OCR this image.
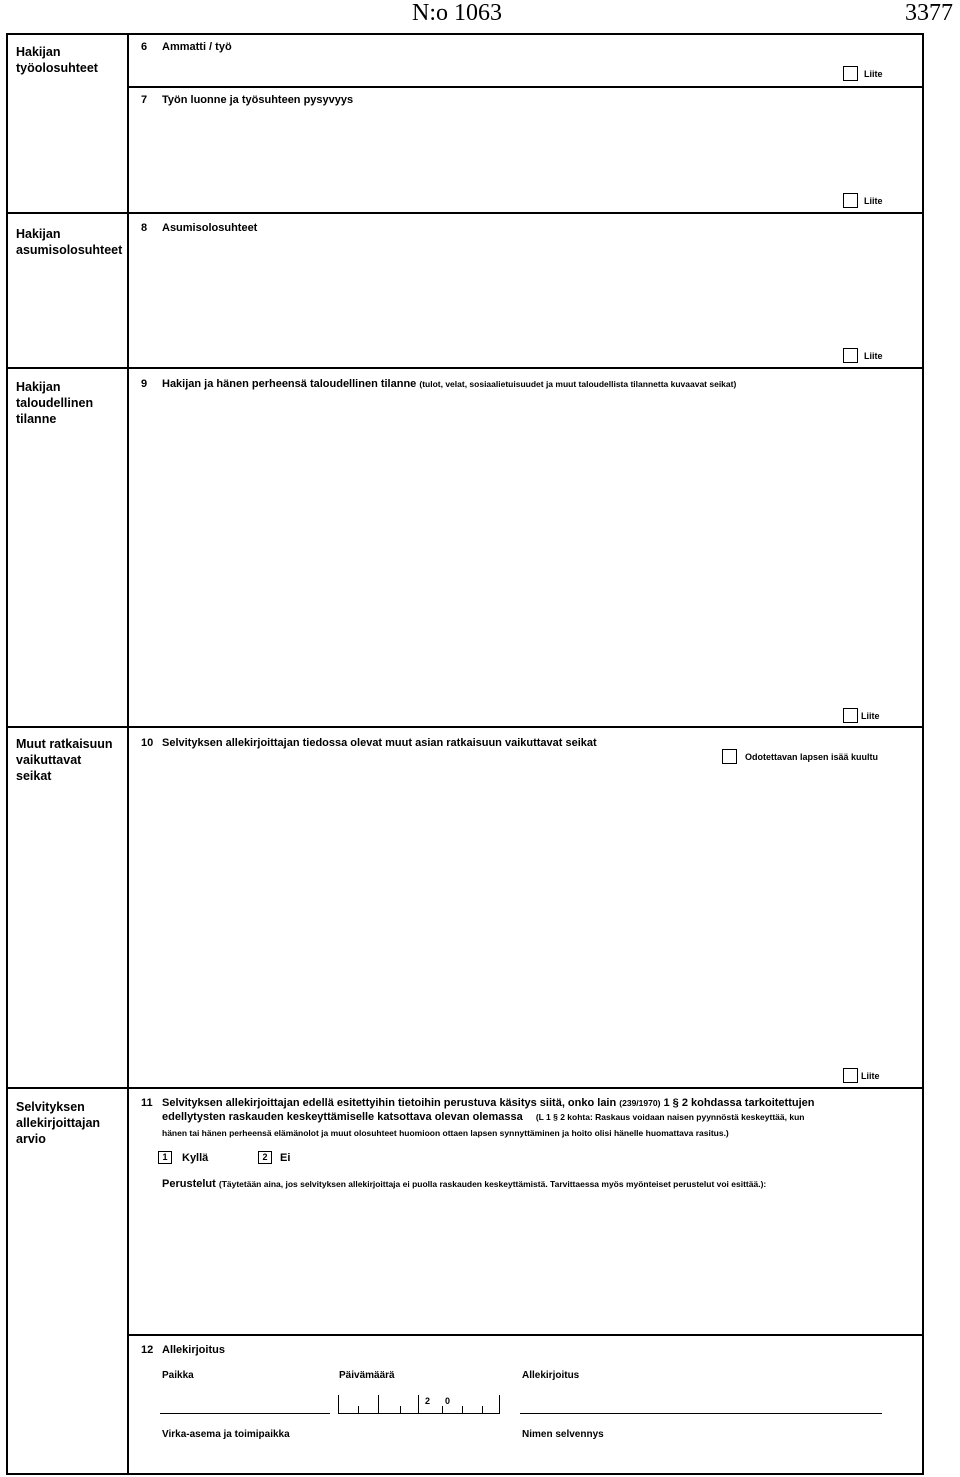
N:o 1063	3377
Hakijan
työolosuhteet
6 Ammatti / työ
Liite
7 Työn luonne ja työsuhteen pysyvyys
Liite
Hakijan
asumisolosuhteet
8 Asumisolosuhteet
Liite
Hakijan
taloudellinen
tilanne
9 Hakijan ja hänen perheensä taloudellinen tilanne (tulot, velat, sosiaalietuisuudet ja muut taloudellista tilannetta kuvaavat seikat)
Liite
Muut ratkaisuun
vaikuttavat
seikat
10 Selvityksen allekirjoittajan tiedossa olevat muut asian ratkaisuun vaikuttavat seikat
Odotettavan lapsen isää kuultu
Liite
Selvityksen
allekirjoittajan
arvio
11 Selvityksen allekirjoittajan edellä esitettyihin tietoihin perustuva käsitys siitä, onko lain (239/1970) 1 § 2 kohdassa tarkoitettujen
edellytysten raskauden keskeyttämiselle katsottava olevan olemassa (L 1 § 2 kohta: Raskaus voidaan naisen pyynnöstä keskeyttää, kun
hänen tai hänen perheensä elämänolot ja muut olosuhteet huomioon ottaen lapsen synnyttäminen ja hoito olisi hänelle huomattava rasitus.)
1	Kyllä	2	Ei
Perustelut (Täytetään aina, jos selvityksen allekirjoittaja ei puolla raskauden keskeyttämistä. Tarvittaessa myös myönteiset perustelut voi esittää.):
12 Allekirjoitus
Paikka	Päivämäärä	Allekirjoitus
2 0
Virka-asema ja toimipaikka	Nimen selvennys
